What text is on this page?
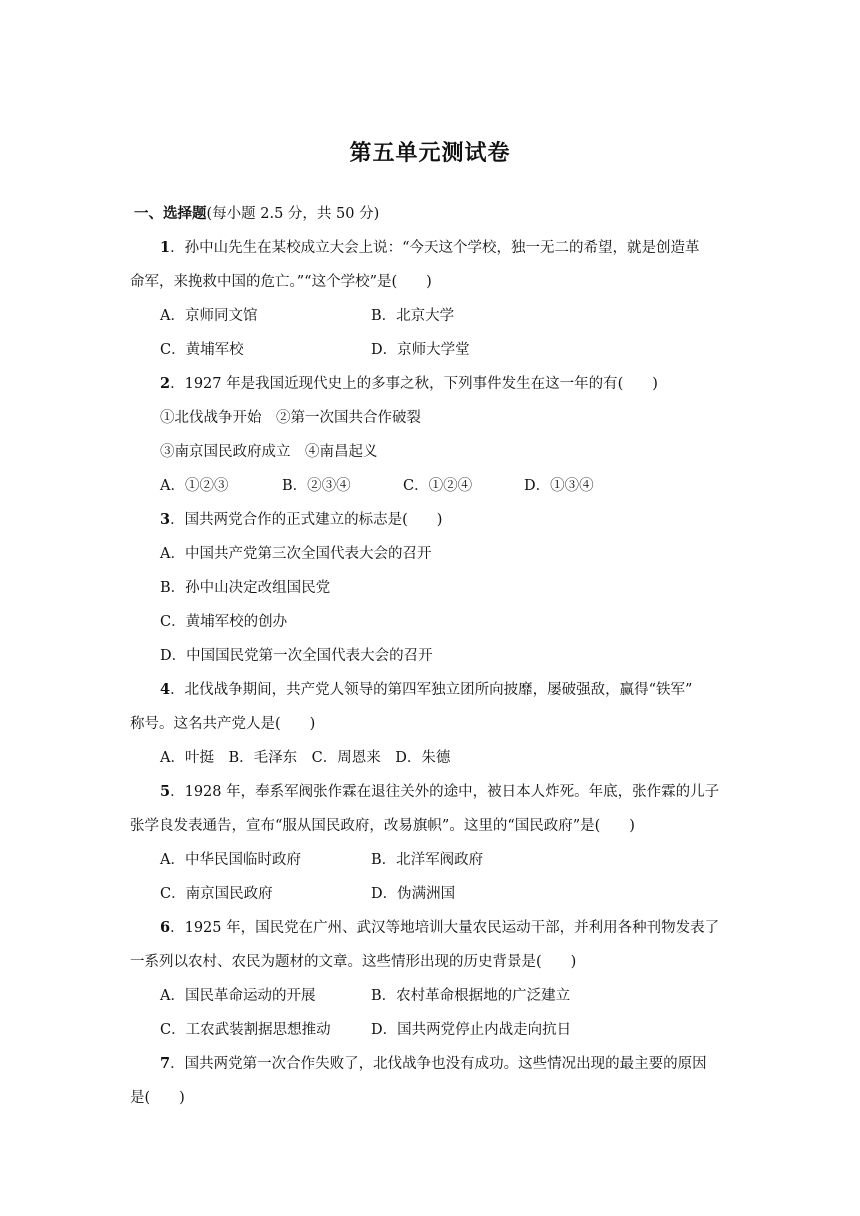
第五单元测试卷
一、选择题(每小题 2.5 分，共 50 分)
1．孙中山先生在某校成立大会上说：“今天这个学校，独一无二的希望，就是创造革
命军，来挽救中国的危亡。”“这个学校”是(　　)
A．京师同文馆	B．北京大学
C．黄埔军校	D．京师大学堂
2．1927 年是我国近现代史上的多事之秋，下列事件发生在这一年的有(　　)
①北伐战争开始　②第一次国共合作破裂
③南京国民政府成立　④南昌起义
A．①②③	B．②③④	C．①②④	D．①③④
3．国共两党合作的正式建立的标志是(　　)
A．中国共产党第三次全国代表大会的召开
B．孙中山决定改组国民党
C．黄埔军校的创办
D．中国国民党第一次全国代表大会的召开
4．北伐战争期间，共产党人领导的第四军独立团所向披靡，屡破强敌，赢得“铁军”
称号。这名共产党人是(　　)
A．叶挺　B．毛泽东　C．周恩来　D．朱德
5．1928 年，奉系军阀张作霖在退往关外的途中，被日本人炸死。年底，张作霖的儿子
张学良发表通告，宣布“服从国民政府，改易旗帜”。这里的“国民政府”是(　　)
A．中华民国临时政府	B．北洋军阀政府
C．南京国民政府	D．伪满洲国
6．1925 年，国民党在广州、武汉等地培训大量农民运动干部，并利用各种刊物发表了
一系列以农村、农民为题材的文章。这些情形出现的历史背景是(　　)
A．国民革命运动的开展	B．农村革命根据地的广泛建立
C．工农武装割据思想推动	D．国共两党停止内战走向抗日
7．国共两党第一次合作失败了，北伐战争也没有成功。这些情况出现的最主要的原因
是(　　)
